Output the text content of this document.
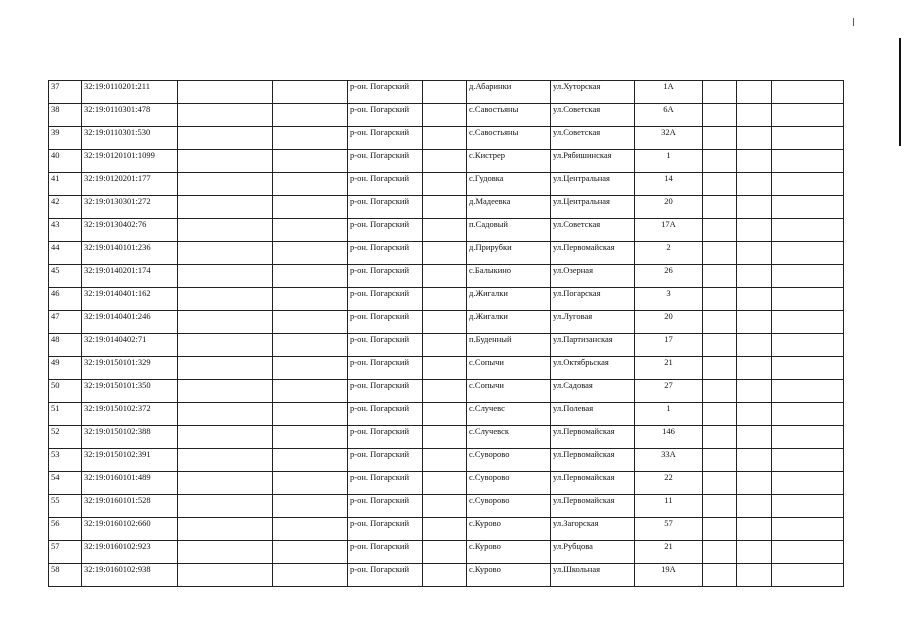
37	32:19:0110201:211			р-он. Погарский		д.Абаринки	ул.Хуторская	1А			
38	32:19:0110301:478			р-он. Погарский		с.Савостьяны	ул.Советская	6А			
39	32:19:0110301:530			р-он. Погарский		с.Савостьяны	ул.Советская	32А			
40	32:19:0120101:1099			р-он. Погарский		с.Кистрер	ул.Рябишинская	1			
41	32:19:0120201:177			р-он. Погарский		с.Гудовка	ул.Центральная	14			
42	32:19:0130301:272			р-он. Погарский		д.Мадеевка	ул.Центральная	20			
43	32:19:0130402:76			р-он. Погарский		п.Садовый	ул.Советская	17А			
44	32:19:0140101:236			р-он. Погарский		д.Прирубки	ул.Первомайская	2			
45	32:19:0140201:174			р-он. Погарский		с.Балыкино	ул.Озерная	26			
46	32:19:0140401:162			р-он. Погарский		д.Жигалки	ул.Погарская	3			
47	32:19:0140401:246			р-он. Погарский		д.Жигалки	ул.Луговая	20			
48	32:19:0140402:71			р-он. Погарский		п.Буденный	ул.Партизанская	17			
49	32:19:0150101:329			р-он. Погарский		с.Сопычи	ул.Октябрьская	21			
50	32:19:0150101:350			р-он. Погарский		с.Сопычи	ул.Садовая	27			
51	32:19:0150102:372			р-он. Погарский		с.Случевс	ул.Полевая	1			
52	32:19:0150102:388			р-он. Погарский		с.Случевск	ул.Первомайская	146			
53	32:19:0150102:391			р-он. Погарский		с.Суворово	ул.Первомайская	33А			
54	32:19:0160101:489			р-он. Погарский		с.Суворово	ул.Первомайская	22			
55	32:19:0160101:528			р-он. Погарский		с.Суворово	ул.Первомайская	11			
56	32:19:0160102:660			р-он. Погарский		с.Курово	ул.Загорская	57			
57	32:19:0160102:923			р-он. Погарский		с.Курово	ул.Рубцова	21			
58	32:19:0160102:938			р-он. Погарский		с.Курово	ул.Школьная	19А			
